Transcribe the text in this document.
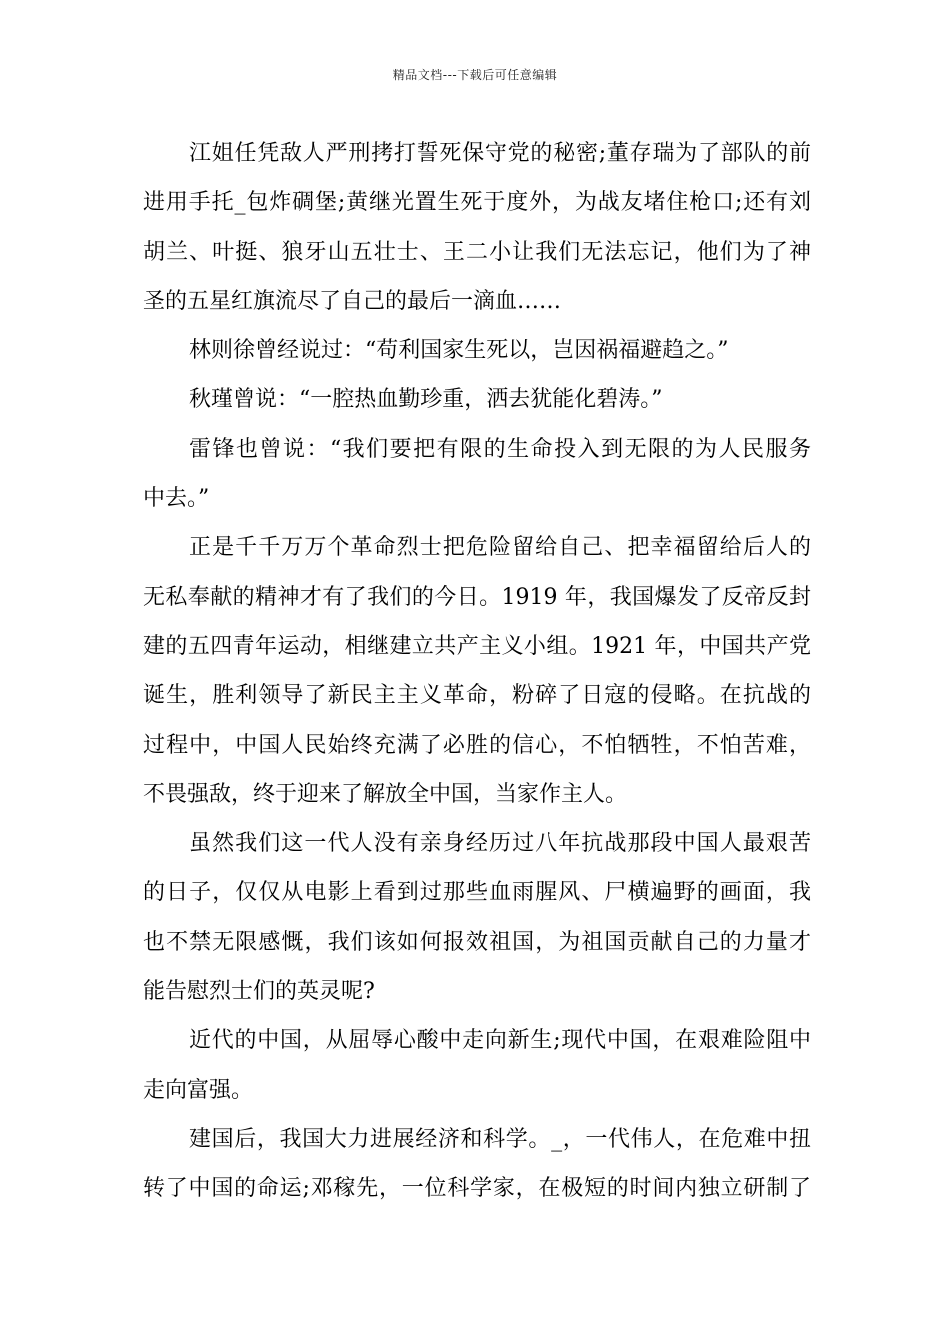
精品文档---下载后可任意编辑
江姐任凭敌人严刑拷打誓死保守党的秘密;董存瑞为了部队的前
进用手托_包炸碉堡;黄继光置生死于度外，为战友堵住枪口;还有刘
胡兰、叶挺、狼牙山五壮士、王二小让我们无法忘记，他们为了神
圣的五星红旗流尽了自己的最后一滴血……
林则徐曾经说过：“苟利国家生死以，岂因祸福避趋之。”
秋瑾曾说：“一腔热血勤珍重，洒去犹能化碧涛。”
雷锋也曾说：“我们要把有限的生命投入到无限的为人民服务
中去。”
正是千千万万个革命烈士把危险留给自己、把幸福留给后人的
无私奉献的精神才有了我们的今日。1919 年，我国爆发了反帝反封
建的五四青年运动，相继建立共产主义小组。1921 年，中国共产党
诞生，胜利领导了新民主主义革命，粉碎了日寇的侵略。在抗战的
过程中，中国人民始终充满了必胜的信心，不怕牺牲，不怕苦难，
不畏强敌，终于迎来了解放全中国，当家作主人。
虽然我们这一代人没有亲身经历过八年抗战那段中国人最艰苦
的日子，仅仅从电影上看到过那些血雨腥风、尸横遍野的画面，我
也不禁无限感慨，我们该如何报效祖国，为祖国贡献自己的力量才
能告慰烈士们的英灵呢?
近代的中国，从屈辱心酸中走向新生;现代中国，在艰难险阻中
走向富强。
建国后，我国大力进展经济和科学。_，一代伟人，在危难中扭
转了中国的命运;邓稼先，一位科学家，在极短的时间内独立研制了
